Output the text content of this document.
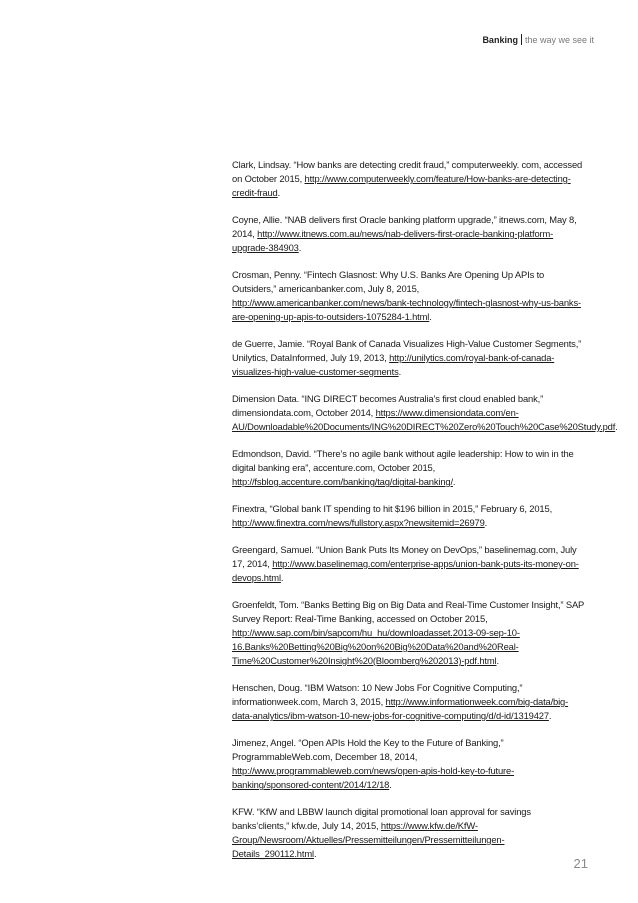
Banking the way we see it

Clark, Lindsay. “How banks are detecting credit fraud,” computerweekly. com, accessed on October 2015, http://www.computerweekly.com/feature/How-banks-are-detecting-credit-fraud.

Coyne, Allie. “NAB delivers first Oracle banking platform upgrade,” itnews.com, May 8, 2014, http://www.itnews.com.au/news/nab-delivers-first-oracle-banking-platform-upgrade-384903.

Crosman, Penny. “Fintech Glasnost: Why U.S. Banks Are Opening Up APIs to Outsiders,” americanbanker.com, July 8, 2015, http://www.americanbanker.com/news/bank-technology/fintech-glasnost-why-us-banks-are-opening-up-apis-to-outsiders-1075284-1.html.

de Guerre, Jamie. “Royal Bank of Canada Visualizes High-Value Customer Segments,” Unilytics, DataInformed, July 19, 2013, http://unilytics.com/royal-bank-of-canada-visualizes-high-value-customer-segments.

Dimension Data. “ING DIRECT becomes Australia’s first cloud enabled bank,” dimensiondata.com, October 2014, https://www.dimensiondata.com/en-AU/Downloadable%20Documents/ING%20DIRECT%20Zero%20Touch%20Case%20Study.pdf.

Edmondson, David. “There’s no agile bank without agile leadership: How to win in the digital banking era”, accenture.com, October 2015, http://fsblog.accenture.com/banking/tag/digital-banking/.

Finextra, “Global bank IT spending to hit $196 billion in 2015,” February 6, 2015, http://www.finextra.com/news/fullstory.aspx?newsitemid=26979.

Greengard, Samuel. “Union Bank Puts Its Money on DevOps,” baselinemag.com, July 17, 2014, http://www.baselinemag.com/enterprise-apps/union-bank-puts-its-money-on-devops.html.

Groenfeldt, Tom. “Banks Betting Big on Big Data and Real-Time Customer Insight,” SAP Survey Report: Real-Time Banking, accessed on October 2015, http://www.sap.com/bin/sapcom/hu_hu/downloadasset.2013-09-sep-10-16.Banks%20Betting%20Big%20on%20Big%20Data%20and%20Real-Time%20Customer%20Insight%20(Bloomberg%202013)-pdf.html.

Henschen, Doug. “IBM Watson: 10 New Jobs For Cognitive Computing,” informationweek.com, March 3, 2015, http://www.informationweek.com/big-data/big-data-analytics/ibm-watson-10-new-jobs-for-cognitive-computing/d/d-id/1319427.

Jimenez, Angel. “Open APIs Hold the Key to the Future of Banking,” ProgrammableWeb.com, December 18, 2014, http://www.programmableweb.com/news/open-apis-hold-key-to-future-banking/sponsored-content/2014/12/18.

KFW. “KfW and LBBW launch digital promotional loan approval for savings banks’clients,” kfw.de, July 14, 2015, https://www.kfw.de/KfW-Group/Newsroom/Aktuelles/Pressemitteilungen/Pressemitteilungen-Details_290112.html.

21
